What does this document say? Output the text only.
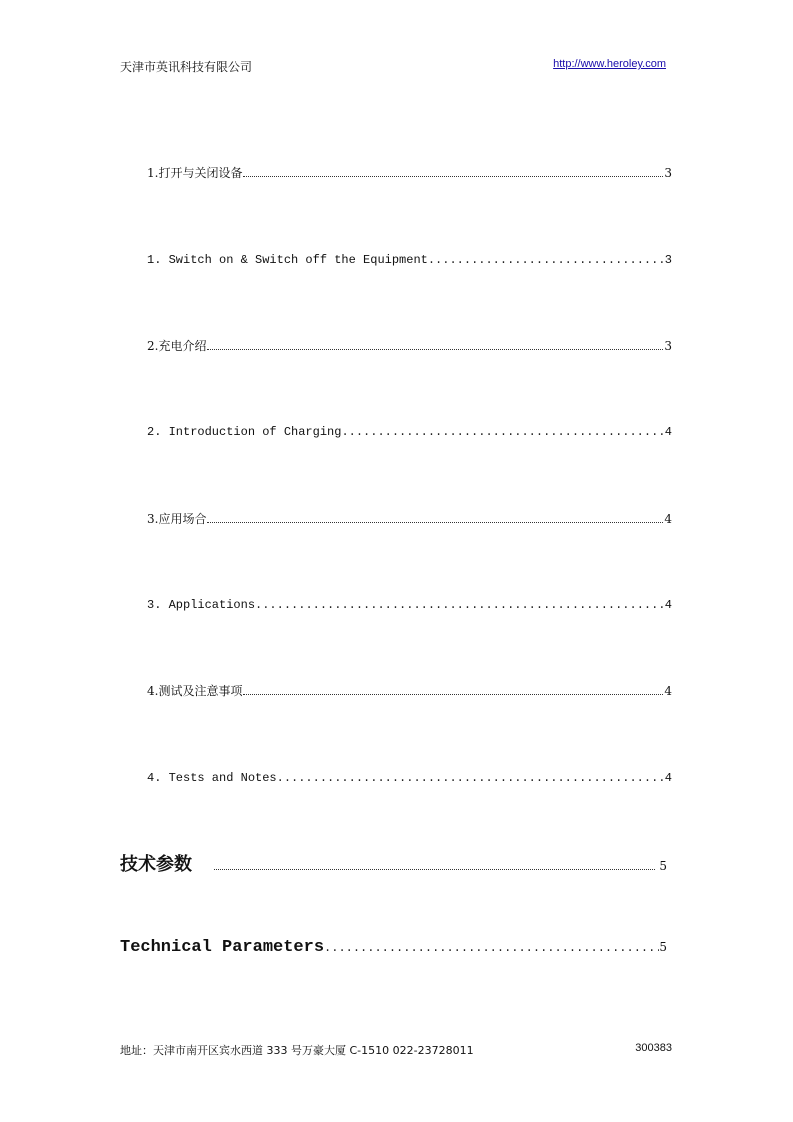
天津市英讯科技有限公司	http://www.heroley.com
1.打开与关闭设备	3
1. Switch on & Switch off the Equipment .....	3
2.充电介绍	3
2. Introduction of Charging .....	4
3.应用场合	4
3. Applications .....	4
4.测试及注意事项	4
4. Tests and Notes .....	4
技术参数	5
Technical Parameters .....	5
地址：天津市南开区宾水西道 333 号万豪大厦 C-1510 022-23728011	300383
